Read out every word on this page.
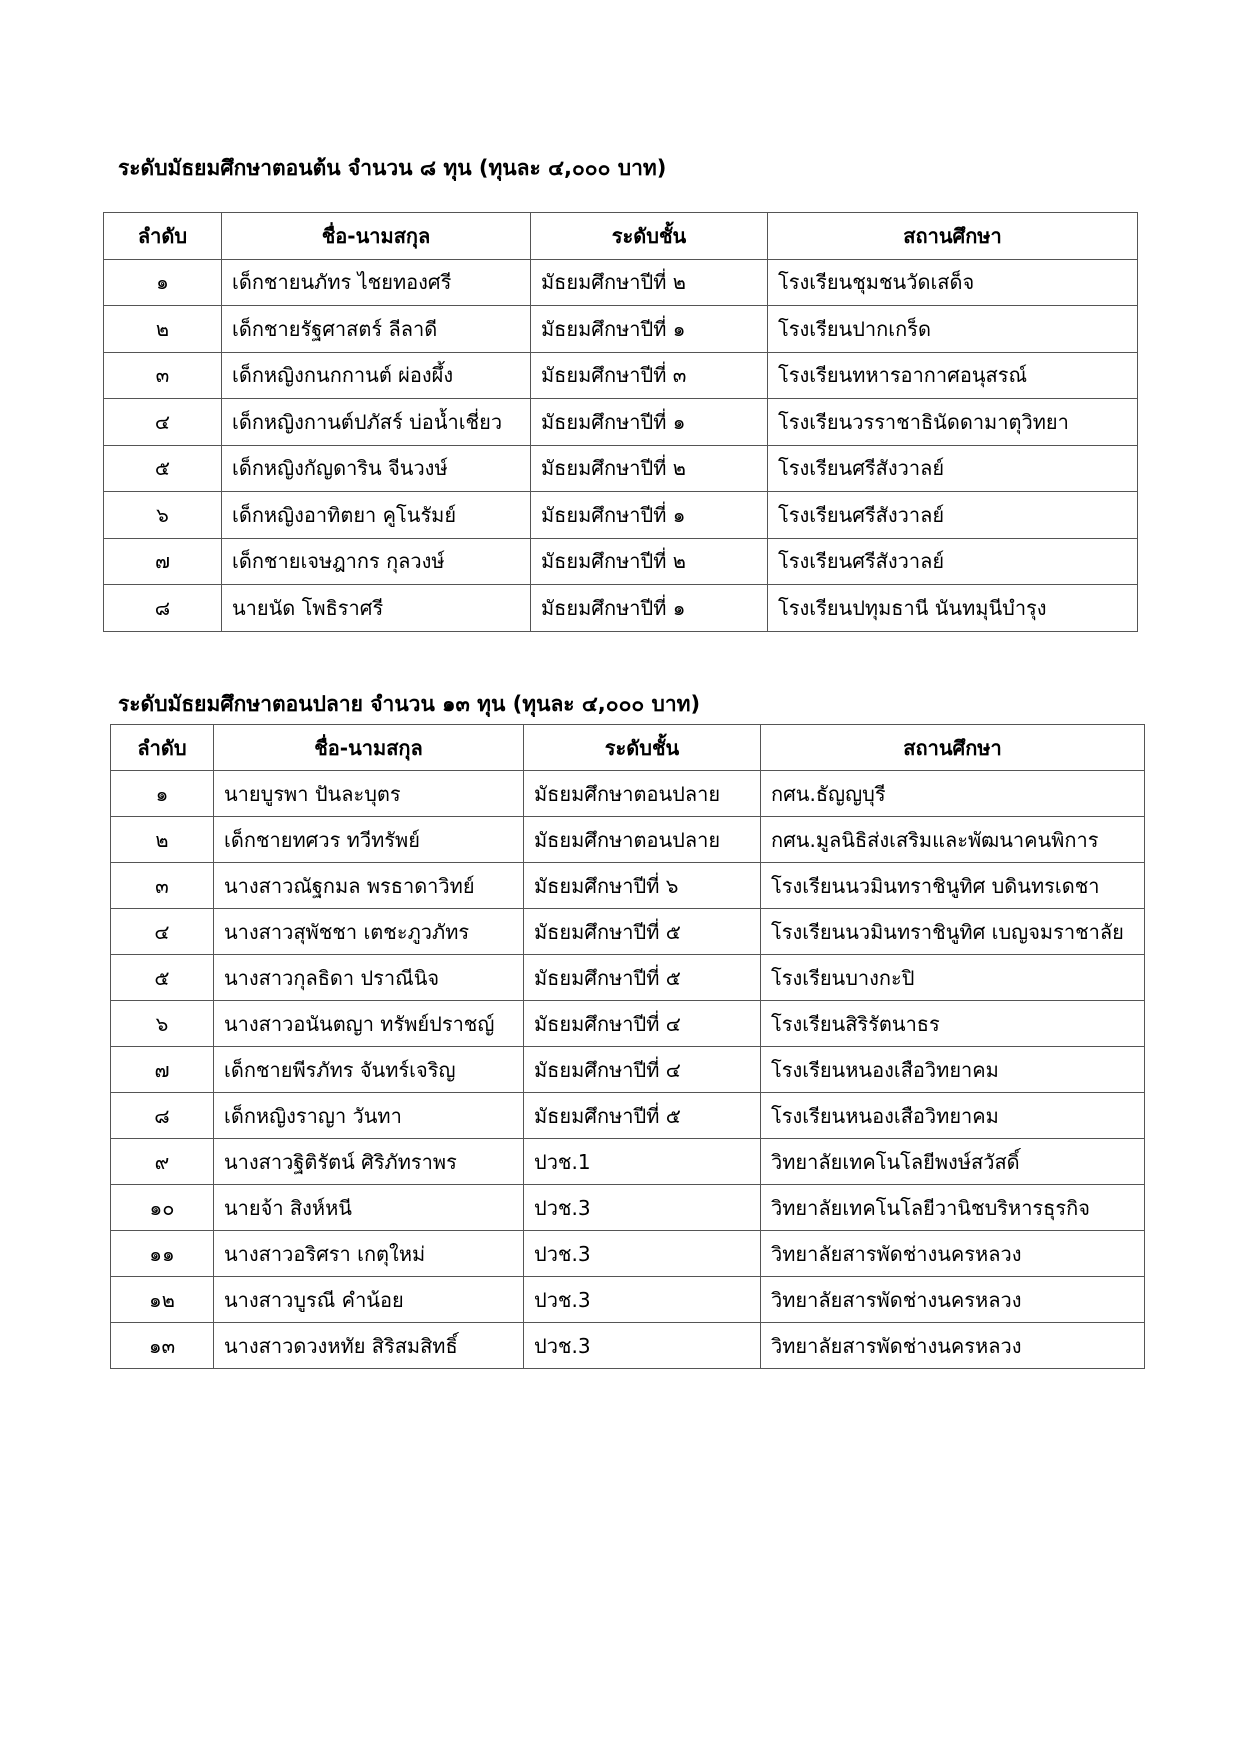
ระดับมัธยมศึกษาตอนต้น จำนวน ๘ ทุน (ทุนละ ๔,๐๐๐ บาท)
ลำดับ	ชื่อ-นามสกุล	ระดับชั้น	สถานศึกษา
๑	เด็กชายนภัทร ไชยทองศรี	มัธยมศึกษาปีที่ ๒	โรงเรียนชุมชนวัดเสด็จ
๒	เด็กชายรัฐศาสตร์ ลีลาดี	มัธยมศึกษาปีที่ ๑	โรงเรียนปากเกร็ด
๓	เด็กหญิงกนกกานต์ ผ่องผึ้ง	มัธยมศึกษาปีที่ ๓	โรงเรียนทหารอากาศอนุสรณ์
๔	เด็กหญิงกานต์ปภัสร์ บ่อน้ำเชี่ยว	มัธยมศึกษาปีที่ ๑	โรงเรียนวรราชาธินัดดามาตุวิทยา
๕	เด็กหญิงกัญดาริน จีนวงษ์	มัธยมศึกษาปีที่ ๒	โรงเรียนศรีสังวาลย์
๖	เด็กหญิงอาทิตยา คูโนรัมย์	มัธยมศึกษาปีที่ ๑	โรงเรียนศรีสังวาลย์
๗	เด็กชายเจษฎากร กุลวงษ์	มัธยมศึกษาปีที่ ๒	โรงเรียนศรีสังวาลย์
๘	นายนัด โพธิราศรี	มัธยมศึกษาปีที่ ๑	โรงเรียนปทุมธานี นันทมุนีบำรุง
ระดับมัธยมศึกษาตอนปลาย จำนวน ๑๓ ทุน (ทุนละ ๔,๐๐๐ บาท)
ลำดับ	ชื่อ-นามสกุล	ระดับชั้น	สถานศึกษา
๑	นายบูรพา ปันละบุตร	มัธยมศึกษาตอนปลาย	กศน.ธัญญบุรี
๒	เด็กชายทศวร ทวีทรัพย์	มัธยมศึกษาตอนปลาย	กศน.มูลนิธิส่งเสริมและพัฒนาคนพิการ
๓	นางสาวณัฐกมล พรธาดาวิทย์	มัธยมศึกษาปีที่ ๖	โรงเรียนนวมินทราชินูทิศ บดินทรเดชา
๔	นางสาวสุพัชชา เตชะภูวภัทร	มัธยมศึกษาปีที่ ๕	โรงเรียนนวมินทราชินูทิศ เบญจมราชาลัย
๕	นางสาวกุลธิดา ปราณีนิจ	มัธยมศึกษาปีที่ ๕	โรงเรียนบางกะปิ
๖	นางสาวอนันตญา ทรัพย์ปราชญ์	มัธยมศึกษาปีที่ ๔	โรงเรียนสิริรัตนาธร
๗	เด็กชายพีรภัทร จันทร์เจริญ	มัธยมศึกษาปีที่ ๔	โรงเรียนหนองเสือวิทยาคม
๘	เด็กหญิงราญา วันทา	มัธยมศึกษาปีที่ ๕	โรงเรียนหนองเสือวิทยาคม
๙	นางสาวฐิติรัตน์ ศิริภัทราพร	ปวช.1	วิทยาลัยเทคโนโลยีพงษ์สวัสดิ์
๑๐	นายจ้า สิงห์หนี	ปวช.3	วิทยาลัยเทคโนโลยีวานิชบริหารธุรกิจ
๑๑	นางสาวอริศรา เกตุใหม่	ปวช.3	วิทยาลัยสารพัดช่างนครหลวง
๑๒	นางสาวบูรณี คำน้อย	ปวช.3	วิทยาลัยสารพัดช่างนครหลวง
๑๓	นางสาวดวงหทัย สิริสมสิทธิ์	ปวช.3	วิทยาลัยสารพัดช่างนครหลวง
